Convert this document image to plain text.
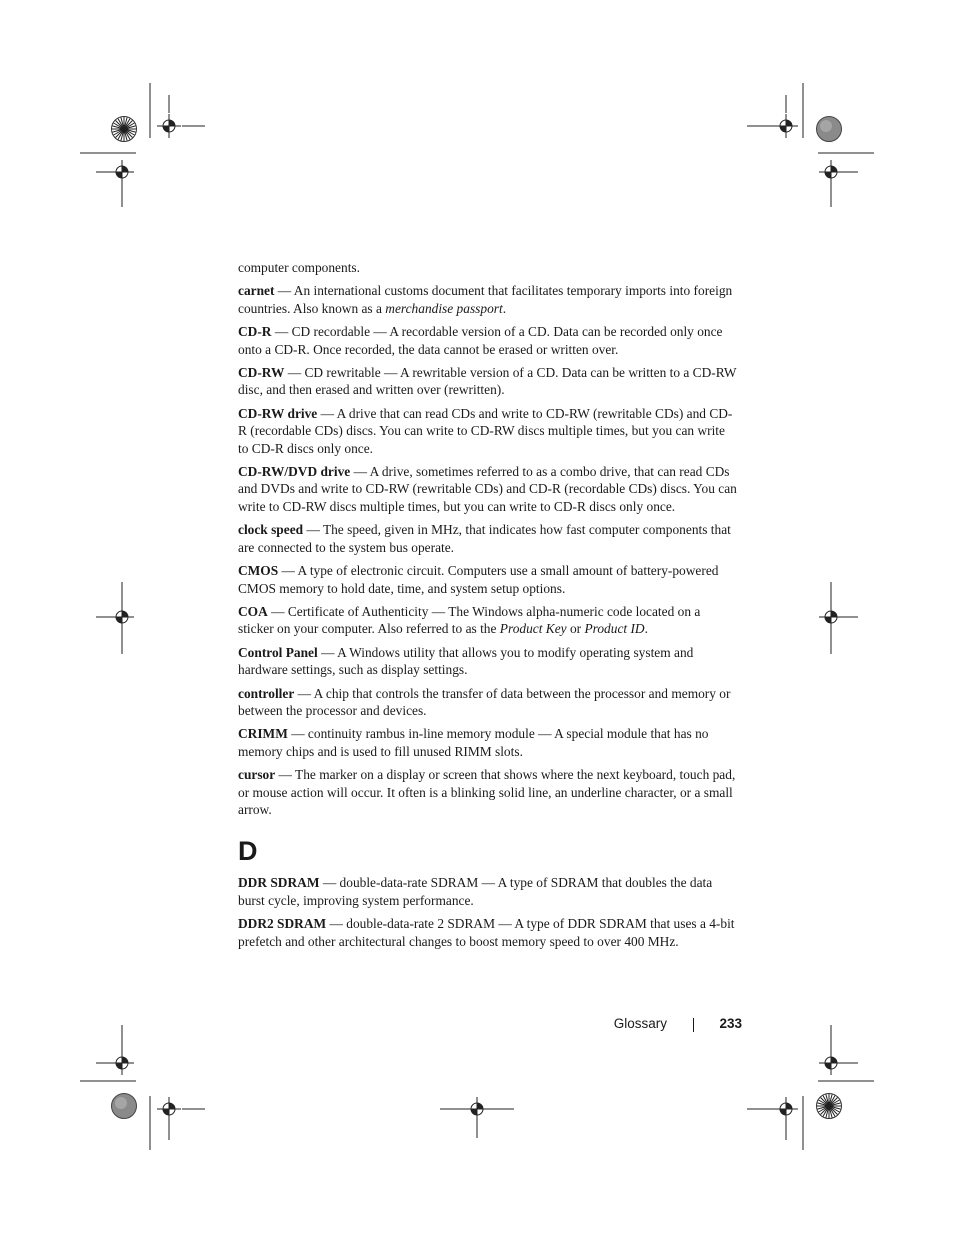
computer components.

carnet — An international customs document that facilitates temporary imports into foreign countries. Also known as a merchandise passport.

CD-R — CD recordable — A recordable version of a CD. Data can be recorded only once onto a CD-R. Once recorded, the data cannot be erased or written over.

CD-RW — CD rewritable — A rewritable version of a CD. Data can be written to a CD-RW disc, and then erased and written over (rewritten).

CD-RW drive — A drive that can read CDs and write to CD-RW (rewritable CDs) and CD-R (recordable CDs) discs. You can write to CD-RW discs multiple times, but you can write to CD-R discs only once.

CD-RW/DVD drive — A drive, sometimes referred to as a combo drive, that can read CDs and DVDs and write to CD-RW (rewritable CDs) and CD-R (recordable CDs) discs. You can write to CD-RW discs multiple times, but you can write to CD-R discs only once.

clock speed — The speed, given in MHz, that indicates how fast computer components that are connected to the system bus operate.

CMOS — A type of electronic circuit. Computers use a small amount of battery-powered CMOS memory to hold date, time, and system setup options.

COA — Certificate of Authenticity — The Windows alpha-numeric code located on a sticker on your computer. Also referred to as the Product Key or Product ID.

Control Panel — A Windows utility that allows you to modify operating system and hardware settings, such as display settings.

controller — A chip that controls the transfer of data between the processor and memory or between the processor and devices.

CRIMM — continuity rambus in-line memory module — A special module that has no memory chips and is used to fill unused RIMM slots.

cursor — The marker on a display or screen that shows where the next keyboard, touch pad, or mouse action will occur. It often is a blinking solid line, an underline character, or a small arrow.

D

DDR SDRAM — double-data-rate SDRAM — A type of SDRAM that doubles the data burst cycle, improving system performance.

DDR2 SDRAM — double-data-rate 2 SDRAM — A type of DDR SDRAM that uses a 4-bit prefetch and other architectural changes to boost memory speed to over 400 MHz.

Glossary	233
